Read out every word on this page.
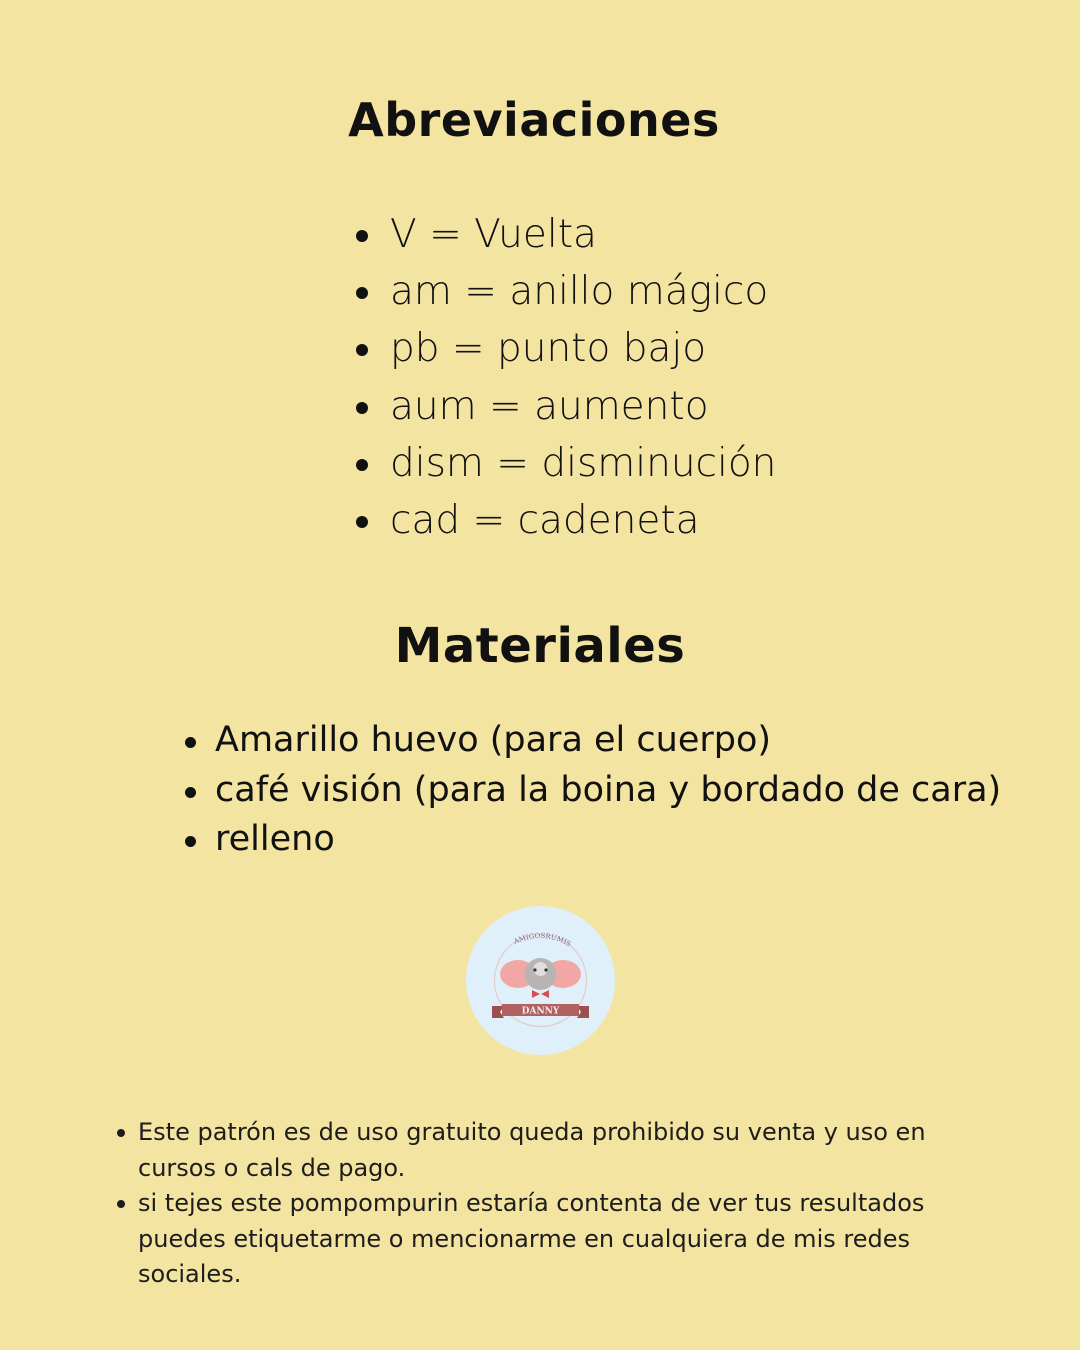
Abreviaciones
V = Vuelta
am = anillo mágico
pb = punto bajo
aum = aumento
dism = disminución
cad = cadeneta
Materiales
Amarillo huevo (para el cuerpo)
café visión (para la boina y bordado de cara)
relleno
AMIGOSRUMIS
DANNY
Este patrón es de uso gratuito queda prohibido su venta y uso en cursos o cals de pago.
si tejes este pompompurin estaría contenta de ver tus resultados puedes etiquetarme o mencionarme en cualquiera de mis redes sociales.
